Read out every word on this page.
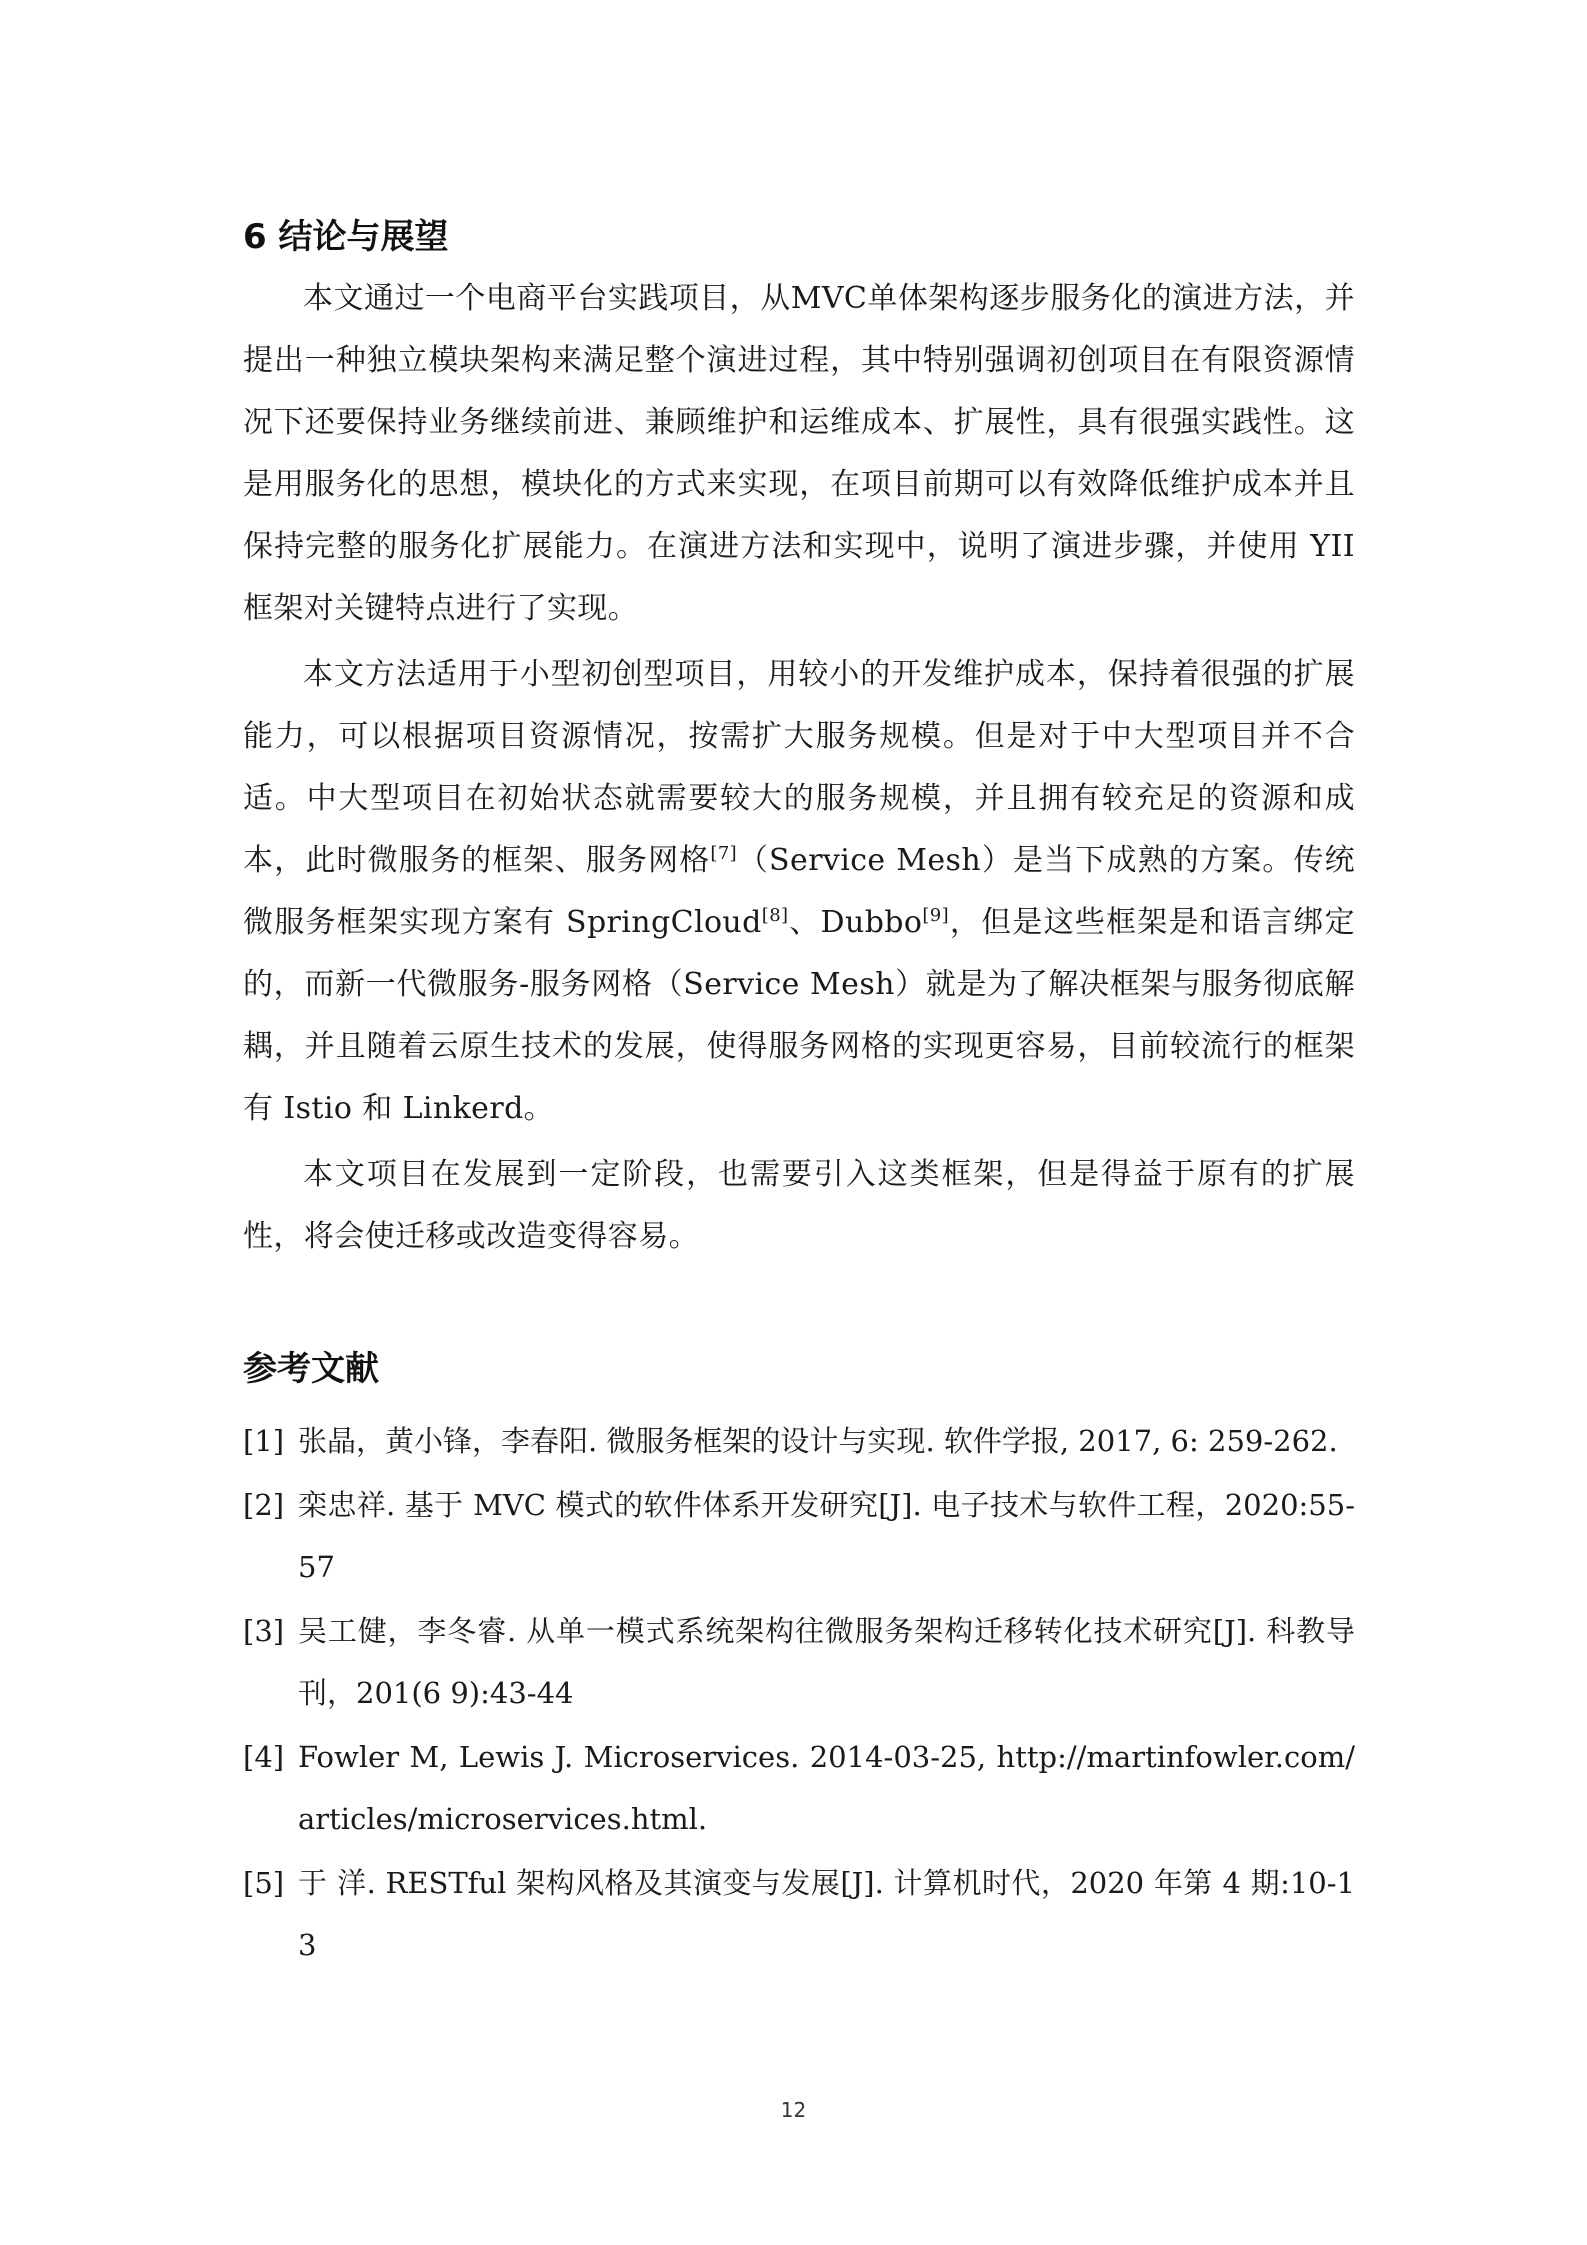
6 结论与展望

本文通过一个电商平台实践项目，从MVC单体架构逐步服务化的演进方法，并提出一种独立模块架构来满足整个演进过程，其中特别强调初创项目在有限资源情况下还要保持业务继续前进、兼顾维护和运维成本、扩展性，具有很强实践性。这是用服务化的思想，模块化的方式来实现，在项目前期可以有效降低维护成本并且保持完整的服务化扩展能力。在演进方法和实现中，说明了演进步骤，并使用 YII 框架对关键特点进行了实现。

本文方法适用于小型初创型项目，用较小的开发维护成本，保持着很强的扩展能力，可以根据项目资源情况，按需扩大服务规模。但是对于中大型项目并不合适。中大型项目在初始状态就需要较大的服务规模，并且拥有较充足的资源和成本，此时微服务的框架、服务网格[7]（Service Mesh）是当下成熟的方案。传统微服务框架实现方案有 SpringCloud[8]、Dubbo[9]，但是这些框架是和语言绑定的，而新一代微服务-服务网格（Service Mesh）就是为了解决框架与服务彻底解耦，并且随着云原生技术的发展，使得服务网格的实现更容易，目前较流行的框架有 Istio 和 Linkerd。

本文项目在发展到一定阶段，也需要引入这类框架，但是得益于原有的扩展性，将会使迁移或改造变得容易。

参考文献
[1] 张晶，黄小锋，李春阳. 微服务框架的设计与实现. 软件学报, 2017, 6: 259-262.
[2] 栾忠祥. 基于 MVC 模式的软件体系开发研究[J]. 电子技术与软件工程，2020:55-57
[3] 吴工健，李冬睿. 从单一模式系统架构往微服务架构迁移转化技术研究[J]. 科教导刊，201(6 9):43-44
[4] Fowler M, Lewis J. Microservices. 2014-03-25, http://martinfowler.com/articles/microservices.html.
[5] 于 洋. RESTful 架构风格及其演变与发展[J]. 计算机时代，2020 年第 4 期:10-13
12
